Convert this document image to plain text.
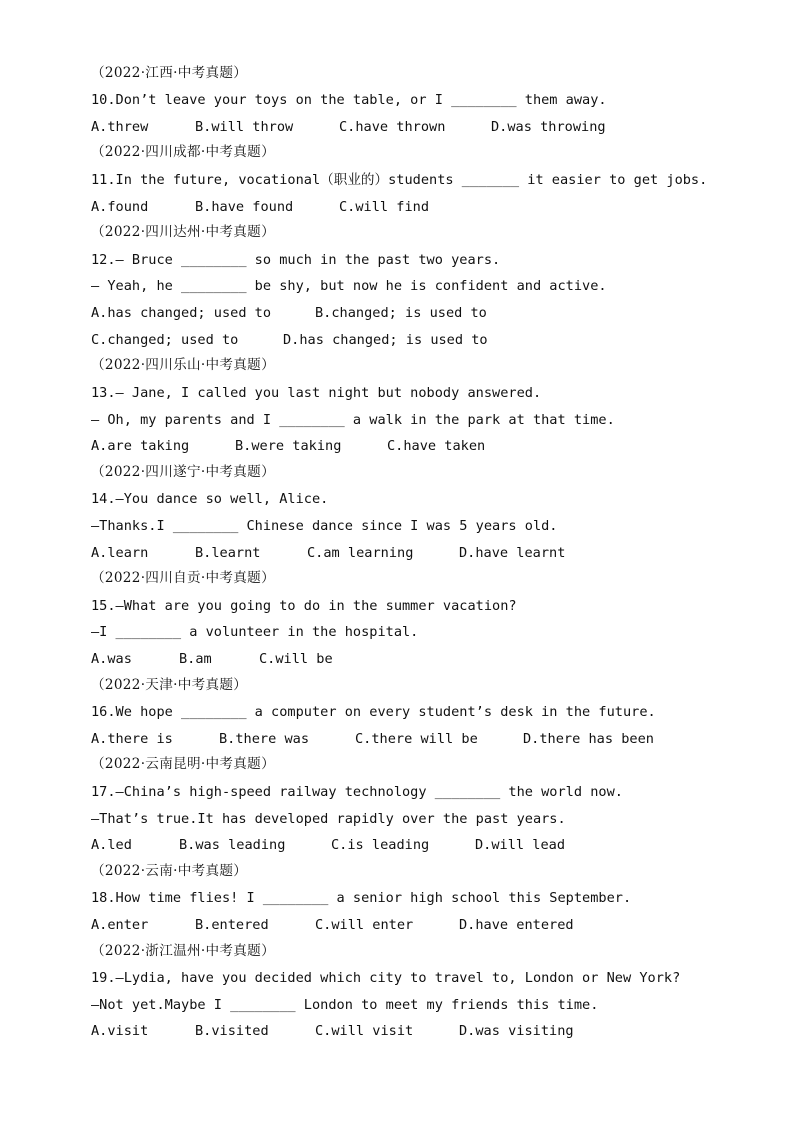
（2022·江西·中考真题）
10.Don’t leave your toys on the table, or I ________ them away.
A.threw	B.will throw	C.have thrown	D.was throwing
（2022·四川成都·中考真题）
11.In the future, vocational（职业的）students _______ it easier to get jobs.
A.found	B.have found	C.will find
（2022·四川达州·中考真题）
12.— Bruce ________ so much in the past two years.
— Yeah, he ________ be shy, but now he is confident and active.
A.has changed; used to	B.changed; is used to
C.changed; used to	D.has changed; is used to
（2022·四川乐山·中考真题）
13.— Jane, I called you last night but nobody answered.
— Oh, my parents and I ________ a walk in the park at that time.
A.are taking	B.were taking	C.have taken
（2022·四川遂宁·中考真题）
14.—You dance so well, Alice.
—Thanks.I ________ Chinese dance since I was 5 years old.
A.learn	B.learnt	C.am learning	D.have learnt
（2022·四川自贡·中考真题）
15.—What are you going to do in the summer vacation?
—I ________ a volunteer in the hospital.
A.was	B.am	C.will be
（2022·天津·中考真题）
16.We hope ________ a computer on every student’s desk in the future.
A.there is	B.there was	C.there will be	D.there has been
（2022·云南昆明·中考真题）
17.—China’s high-speed railway technology ________ the world now.
—That’s true.It has developed rapidly over the past years.
A.led	B.was leading	C.is leading	D.will lead
（2022·云南·中考真题）
18.How time flies! I ________ a senior high school this September.
A.enter	B.entered	C.will enter	D.have entered
（2022·浙江温州·中考真题）
19.—Lydia, have you decided which city to travel to, London or New York?
—Not yet.Maybe I ________ London to meet my friends this time.
A.visit	B.visited	C.will visit	D.was visiting
